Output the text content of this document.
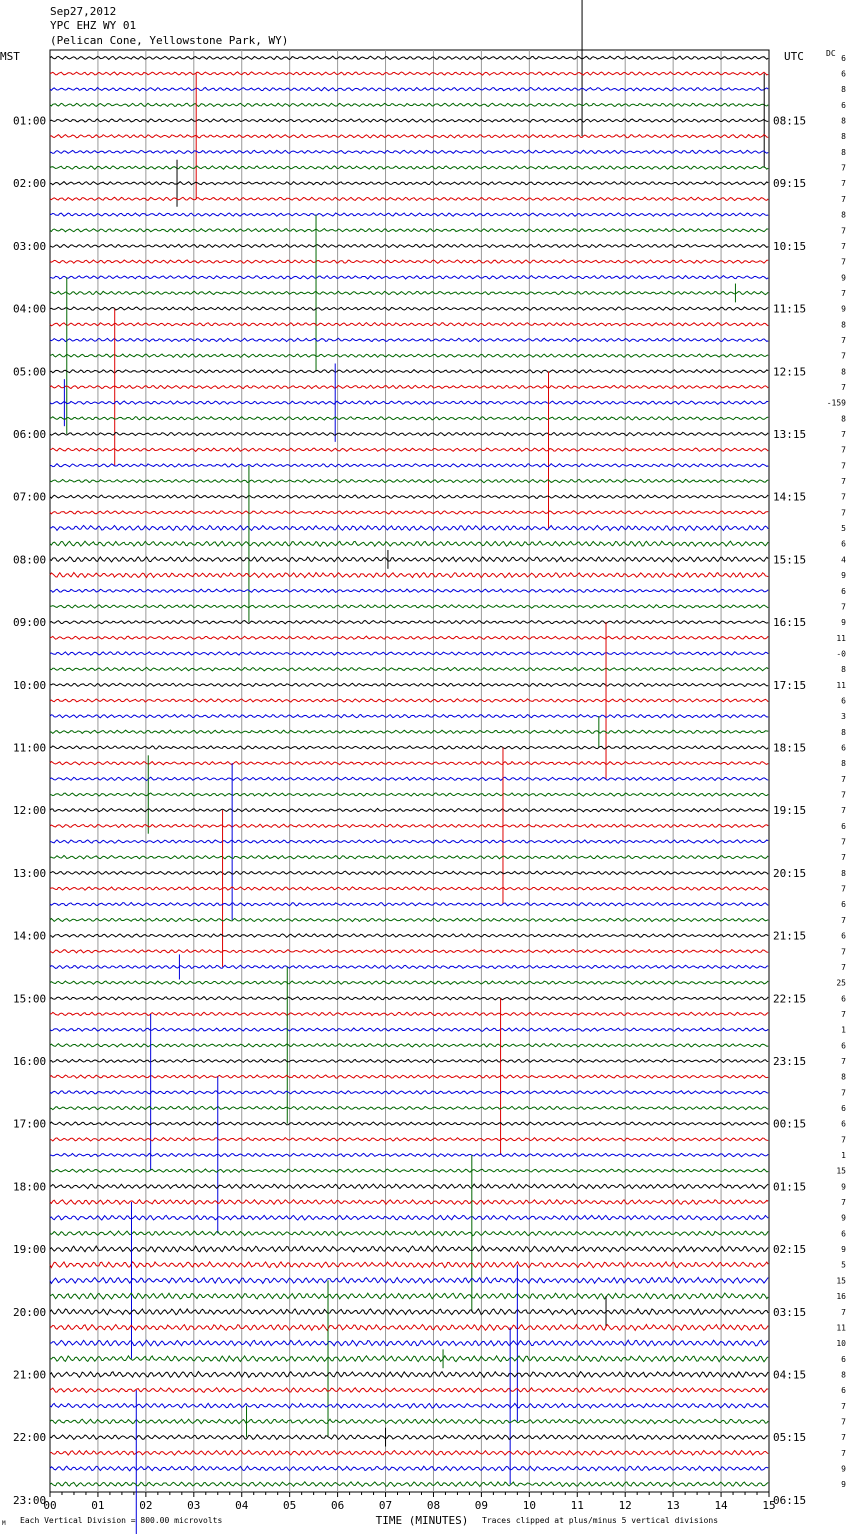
Sep27,2012
YPC EHZ WY 01
(Pelican Cone, Yellowstone Park, WY)
6
6
8
6
8
8
8
7
7
7
8
7
7
7
9
7
9
8
7
7
8
7
-159
8
7
7
7
7
7
7
5
6
4
9
6
7
9
11
-0
8
11
6
3
8
6
8
7
7
7
6
7
7
8
7
6
7
6
7
7
25
6
7
1
6
7
8
7
6
6
7
1
15
9
7
9
6
9
5
15
16
7
11
10
6
8
6
7
7
7
7
9
9
MST	UTC	DC
01:00
02:00
03:00
04:00
05:00
06:00
07:00
08:00
09:00
10:00
11:00
12:00
13:00
14:00
15:00
16:00
17:00
18:00
19:00
20:00
21:00
22:00
23:00
08:15
09:15
10:15
11:15
12:15
13:15
14:15
15:15
16:15
17:15
18:15
19:15
20:15
21:15
22:15
23:15
00:15
01:15
02:15
03:15
04:15
05:15
06:15
00	01	02	03	04	05	06	07	08	09	10	11	12	13	14	15
TIME (MINUTES)
Each Vertical Division = 800.00 microvolts	Traces clipped at plus/minus 5 vertical divisions
M
